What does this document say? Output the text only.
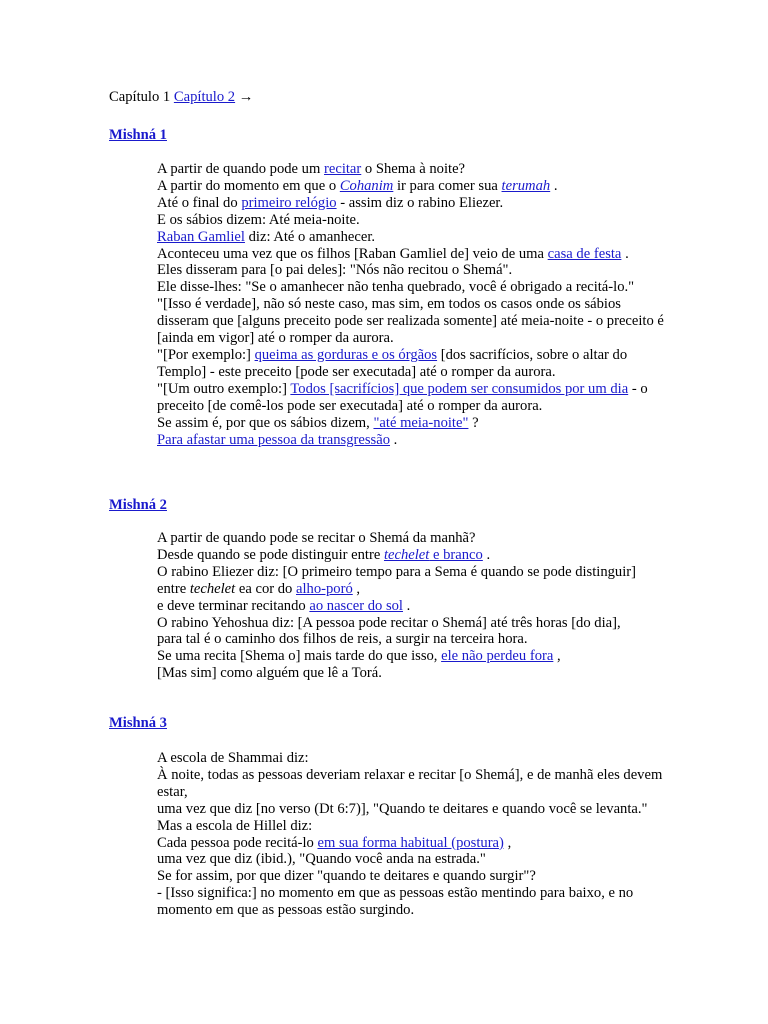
Capítulo 1 Capítulo 2 →
Mishná 1
A partir de quando pode um recitar o Shema à noite?
A partir do momento em que o Cohanim ir para comer sua terumah .
Até o final do primeiro relógio - assim diz o rabino Eliezer.
E os sábios dizem: Até meia-noite.
Raban Gamliel diz: Até o amanhecer.
Aconteceu uma vez que os filhos [Raban Gamliel de] veio de uma casa de festa .
Eles disseram para [o pai deles]: "Nós não recitou o Shemá".
Ele disse-lhes: "Se o amanhecer não tenha quebrado, você é obrigado a recitá-lo."
"[Isso é verdade], não só neste caso, mas sim, em todos os casos onde os sábios disseram que [alguns preceito pode ser realizada somente] até meia-noite - o preceito é [ainda em vigor] até o romper da aurora.
"[Por exemplo:] queima as gorduras e os órgãos [dos sacrifícios, sobre o altar do Templo] - este preceito [pode ser executada] até o romper da aurora.
"[Um outro exemplo:] Todos [sacrifícios] que podem ser consumidos por um dia - o preceito [de comê-los pode ser executada] até o romper da aurora.
Se assim é, por que os sábios dizem, "até meia-noite" ?
Para afastar uma pessoa da transgressão .
Mishná 2
A partir de quando pode se recitar o Shemá da manhã?
Desde quando se pode distinguir entre techelet e branco .
O rabino Eliezer diz: [O primeiro tempo para a Sema é quando se pode distinguir] entre techelet ea cor do alho-poró ,
e deve terminar recitando ao nascer do sol .
O rabino Yehoshua diz: [A pessoa pode recitar o Shemá] até três horas [do dia],
para tal é o caminho dos filhos de reis, a surgir na terceira hora.
Se uma recita [Shema o] mais tarde do que isso, ele não perdeu fora ,
[Mas sim] como alguém que lê a Torá.
Mishná 3
A escola de Shammai diz:
À noite, todas as pessoas deveriam relaxar e recitar [o Shemá], e de manhã eles devem estar,
uma vez que diz [no verso (Dt 6:7)], "Quando te deitares e quando você se levanta."
Mas a escola de Hillel diz:
Cada pessoa pode recitá-lo em sua forma habitual (postura) ,
uma vez que diz (ibid.), "Quando você anda na estrada."
Se for assim, por que dizer "quando te deitares e quando surgir"?
- [Isso significa:] no momento em que as pessoas estão mentindo para baixo, e no momento em que as pessoas estão surgindo.
